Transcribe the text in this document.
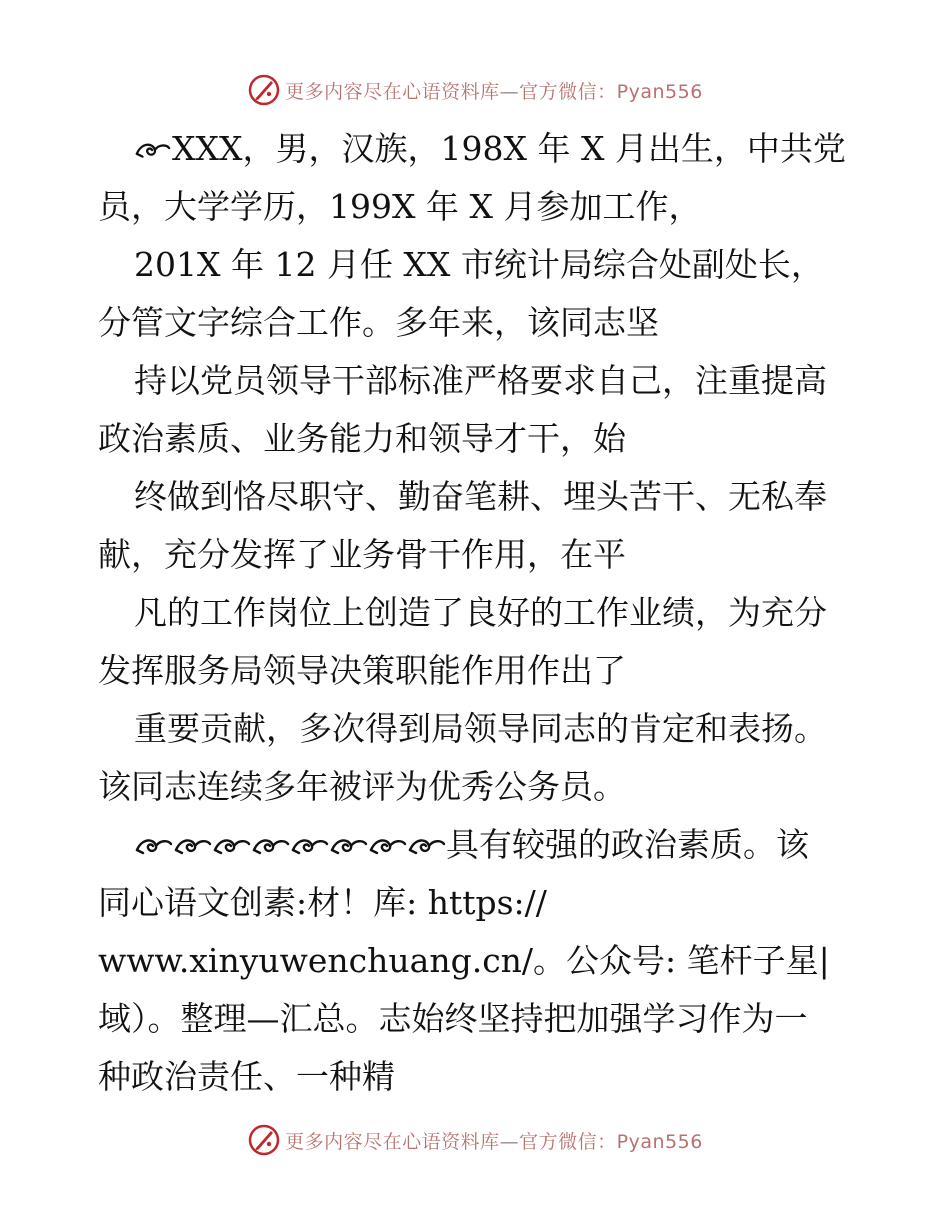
更多内容尽在心语资料库—官方微信：Pyan556
XXX，男，汉族，198X 年 X 月出生，中共党
员，大学学历，199X 年 X 月参加工作，
201X 年 12 月任 XX 市统计局综合处副处长，
分管文字综合工作。多年来，该同志坚
持以党员领导干部标准严格要求自己，注重提高
政治素质、业务能力和领导才干，始
终做到恪尽职守、勤奋笔耕、埋头苦干、无私奉
献，充分发挥了业务骨干作用，在平
凡的工作岗位上创造了良好的工作业绩，为充分
发挥服务局领导决策职能作用作出了
重要贡献，多次得到局领导同志的肯定和表扬。
该同志连续多年被评为优秀公务员。
具有较强的政治素质。该
同心语文创素:材！库: https://
www.xinyuwenchuang.cn/。公众号: 笔杆子星|
域）。整理—汇总。志始终坚持把加强学习作为一
种政治责任、一种精
更多内容尽在心语资料库—官方微信：Pyan556
